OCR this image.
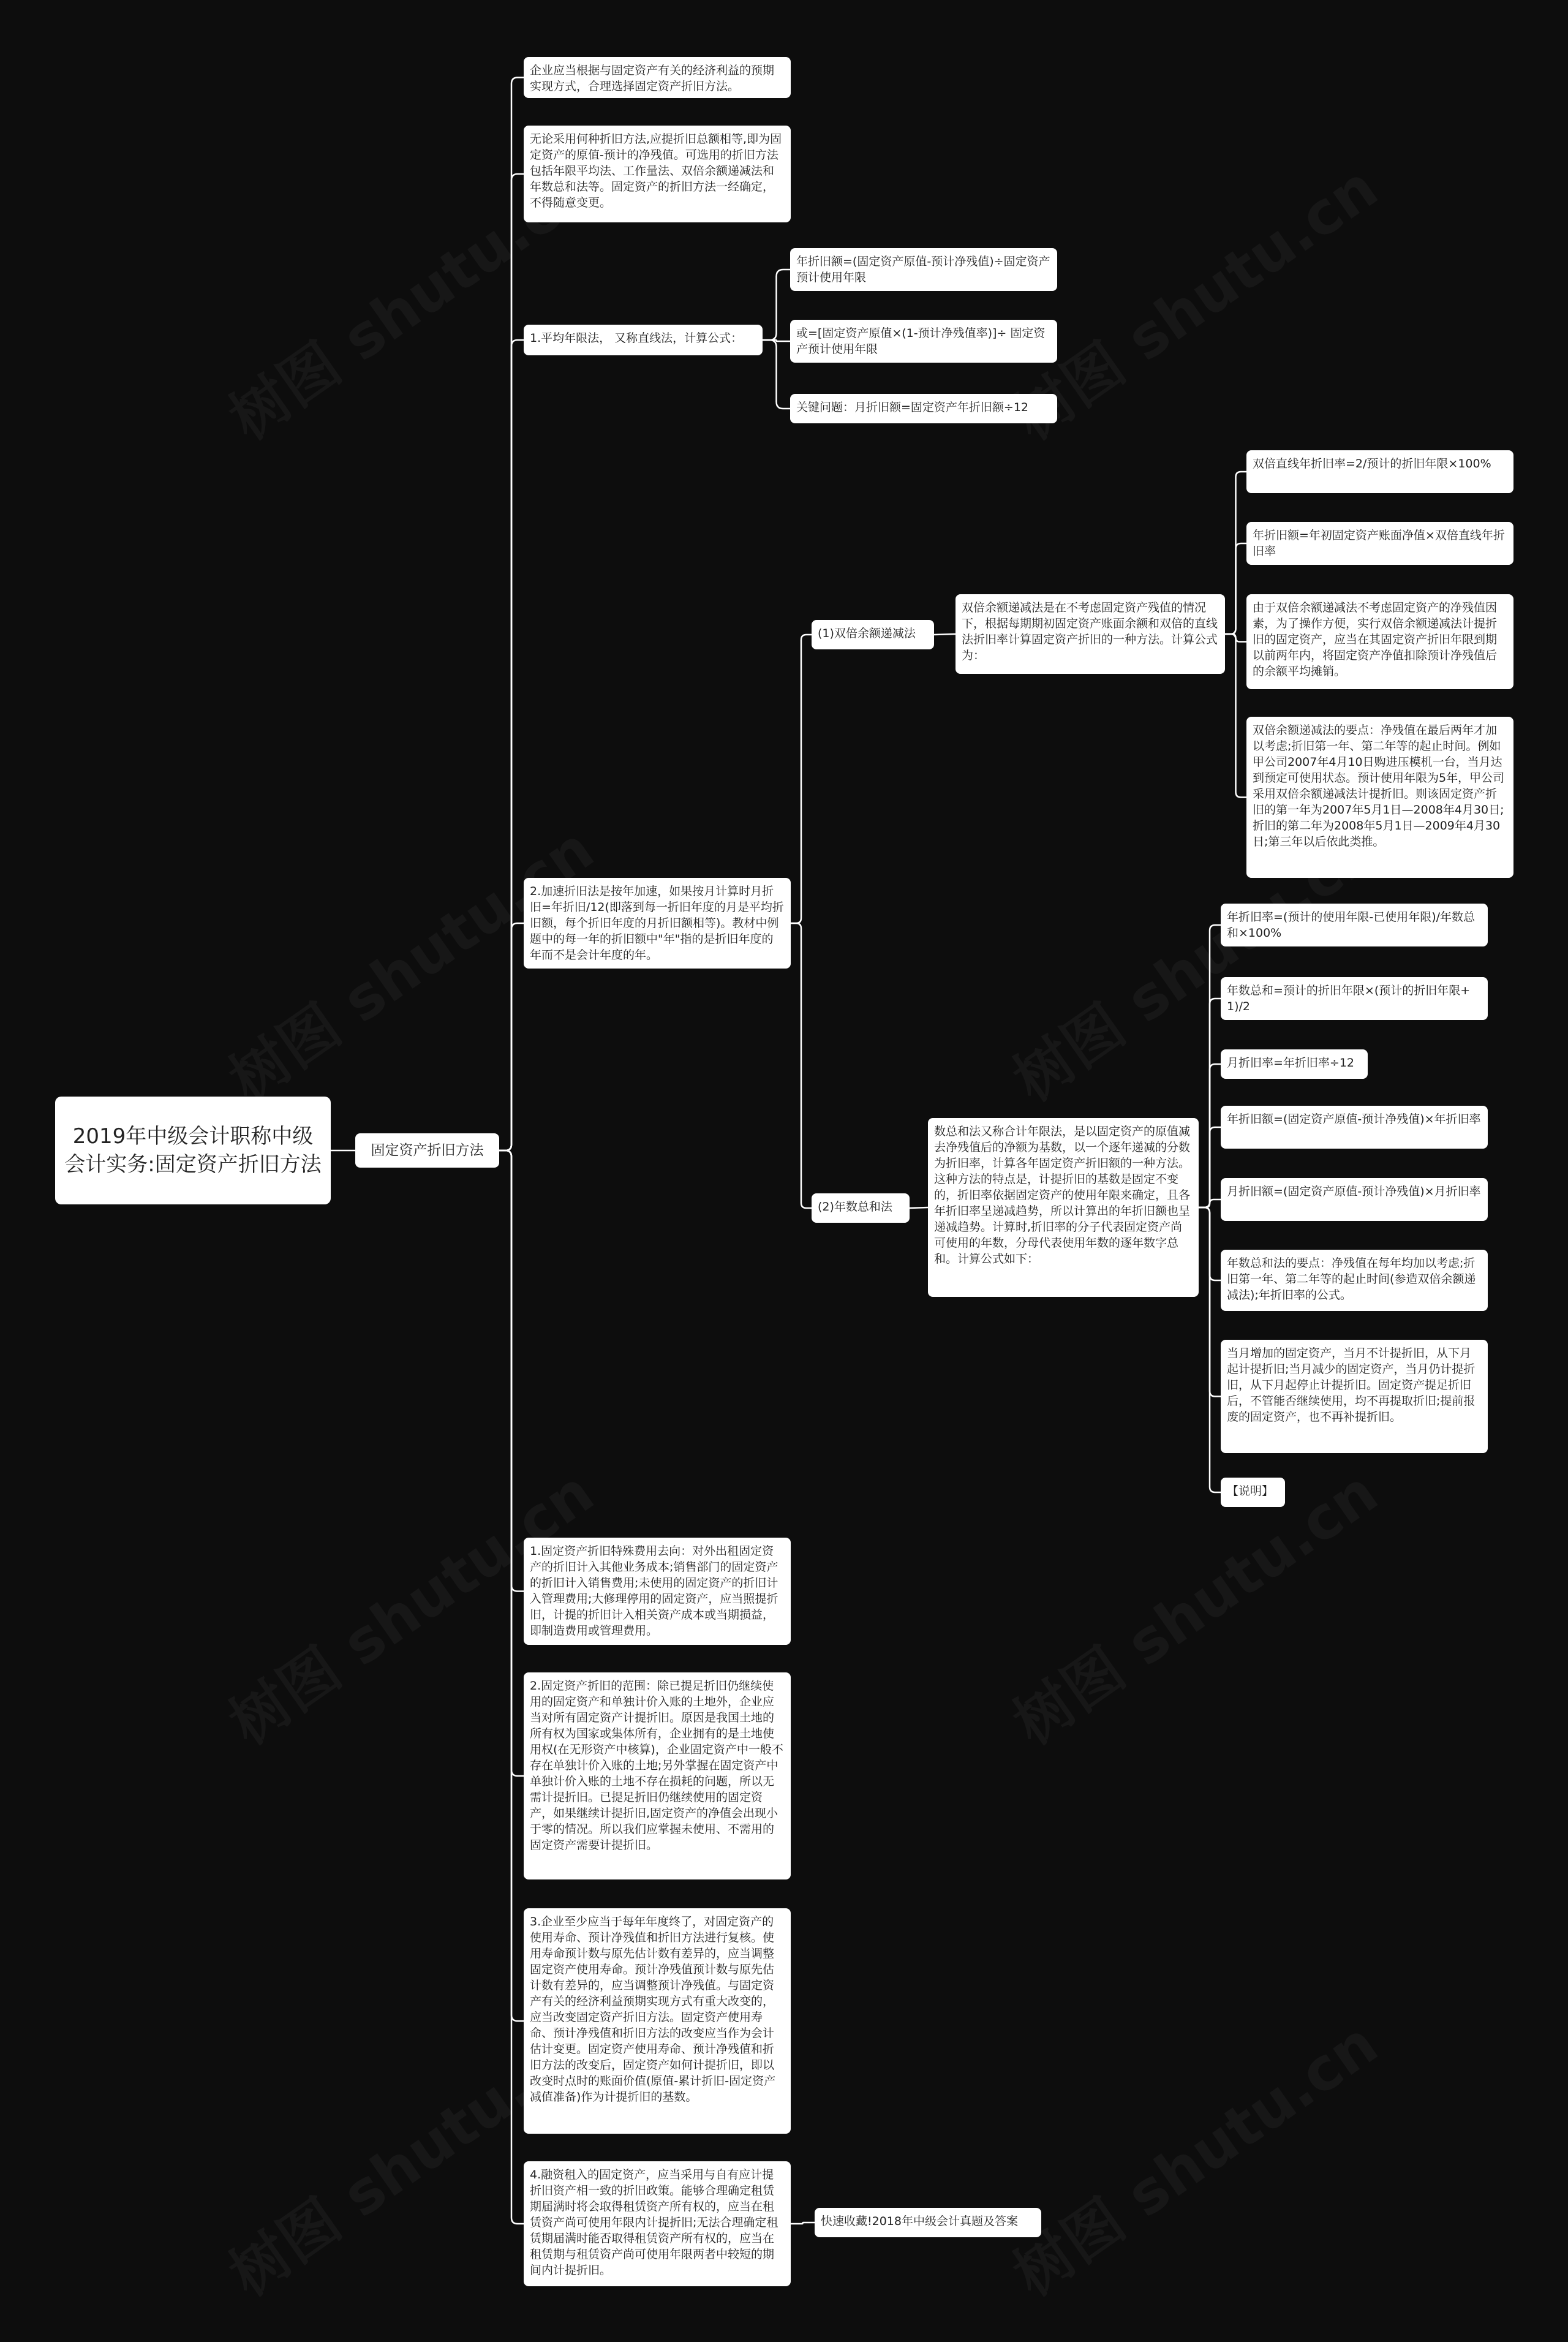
2019年中级会计职称中级会计实务:固定资产折旧方法
固定资产折旧方法
企业应当根据与固定资产有关的经济利益的预期实现方式，合理选择固定资产折旧方法。
无论采用何种折旧方法,应提折旧总额相等,即为固定资产的原值-预计的净残值。可选用的折旧方法包括年限平均法、工作量法、双倍余额递减法和年数总和法等。固定资产的折旧方法一经确定，不得随意变更。
1.平均年限法， 又称直线法，计算公式：
2.加速折旧法是按年加速，如果按月计算时月折旧=年折旧/12(即落到每一折旧年度的月是平均折旧额，每个折旧年度的月折旧额相等)。教材中例题中的每一年的折旧额中"年"指的是折旧年度的年而不是会计年度的年。
1.固定资产折旧特殊费用去向：对外出租固定资产的折旧计入其他业务成本;销售部门的固定资产的折旧计入销售费用;未使用的固定资产的折旧计入管理费用;大修理停用的固定资产，应当照提折旧，计提的折旧计入相关资产成本或当期损益，即制造费用或管理费用。
2.固定资产折旧的范围：除已提足折旧仍继续使用的固定资产和单独计价入账的土地外，企业应当对所有固定资产计提折旧。原因是我国土地的所有权为国家或集体所有，企业拥有的是土地使用权(在无形资产中核算)，企业固定资产中一般不存在单独计价入账的土地;另外掌握在固定资产中单独计价入账的土地不存在损耗的问题，所以无需计提折旧。已提足折旧仍继续使用的固定资产，如果继续计提折旧,固定资产的净值会出现小于零的情况。所以我们应掌握未使用、不需用的固定资产需要计提折旧。
3.企业至少应当于每年年度终了，对固定资产的使用寿命、预计净残值和折旧方法进行复核。使用寿命预计数与原先估计数有差异的，应当调整固定资产使用寿命。预计净残值预计数与原先估计数有差异的，应当调整预计净残值。与固定资产有关的经济利益预期实现方式有重大改变的，应当改变固定资产折旧方法。固定资产使用寿命、预计净残值和折旧方法的改变应当作为会计估计变更。固定资产使用寿命、预计净残值和折旧方法的改变后，固定资产如何计提折旧，即以改变时点时的账面价值(原值-累计折旧-固定资产减值准备)作为计提折旧的基数。
4.融资租入的固定资产，应当采用与自有应计提折旧资产相一致的折旧政策。能够合理确定租赁期届满时将会取得租赁资产所有权的，应当在租赁资产尚可使用年限内计提折旧;无法合理确定租赁期届满时能否取得租赁资产所有权的，应当在租赁期与租赁资产尚可使用年限两者中较短的期间内计提折旧。
年折旧额=(固定资产原值-预计净残值)÷固定资产预计使用年限
或=[固定资产原值×(1-预计净残值率)]÷ 固定资产预计使用年限
关键问题：月折旧额=固定资产年折旧额÷12
(1)双倍余额递减法
(2)年数总和法
双倍余额递减法是在不考虑固定资产残值的情况下，根据每期期初固定资产账面余额和双倍的直线法折旧率计算固定资产折旧的一种方法。计算公式为：
数总和法又称合计年限法，是以固定资产的原值减去净残值后的净额为基数，以一个逐年递减的分数为折旧率，计算各年固定资产折旧额的一种方法。这种方法的特点是，计提折旧的基数是固定不变的，折旧率依据固定资产的使用年限来确定，且各年折旧率呈递减趋势，所以计算出的年折旧额也呈递减趋势。计算时,折旧率的分子代表固定资产尚可使用的年数，分母代表使用年数的逐年数字总和。计算公式如下：
双倍直线年折旧率=2/预计的折旧年限×100%
年折旧额=年初固定资产账面净值×双倍直线年折旧率
由于双倍余额递减法不考虑固定资产的净残值因素，为了操作方便，实行双倍余额递减法计提折旧的固定资产，应当在其固定资产折旧年限到期以前两年内，将固定资产净值扣除预计净残值后的余额平均摊销。
双倍余额递减法的要点：净残值在最后两年才加以考虑;折旧第一年、第二年等的起止时间。例如甲公司2007年4月10日购进压模机一台，当月达到预定可使用状态。预计使用年限为5年，甲公司采用双倍余额递减法计提折旧。则该固定资产折旧的第一年为2007年5月1日—2008年4月30日;折旧的第二年为2008年5月1日—2009年4月30日;第三年以后依此类推。
年折旧率=(预计的使用年限-已使用年限)/年数总和×100%
年数总和=预计的折旧年限×(预计的折旧年限+1)/2
月折旧率=年折旧率÷12
年折旧额=(固定资产原值-预计净残值)×年折旧率
月折旧额=(固定资产原值-预计净残值)×月折旧率
年数总和法的要点：净残值在每年均加以考虑;折旧第一年、第二年等的起止时间(参造双倍余额递减法);年折旧率的公式。
当月增加的固定资产，当月不计提折旧，从下月起计提折旧;当月减少的固定资产，当月仍计提折旧，从下月起停止计提折旧。固定资产提足折旧后，不管能否继续使用，均不再提取折旧;提前报废的固定资产，也不再补提折旧。
【说明】
快速收藏!2018年中级会计真题及答案
